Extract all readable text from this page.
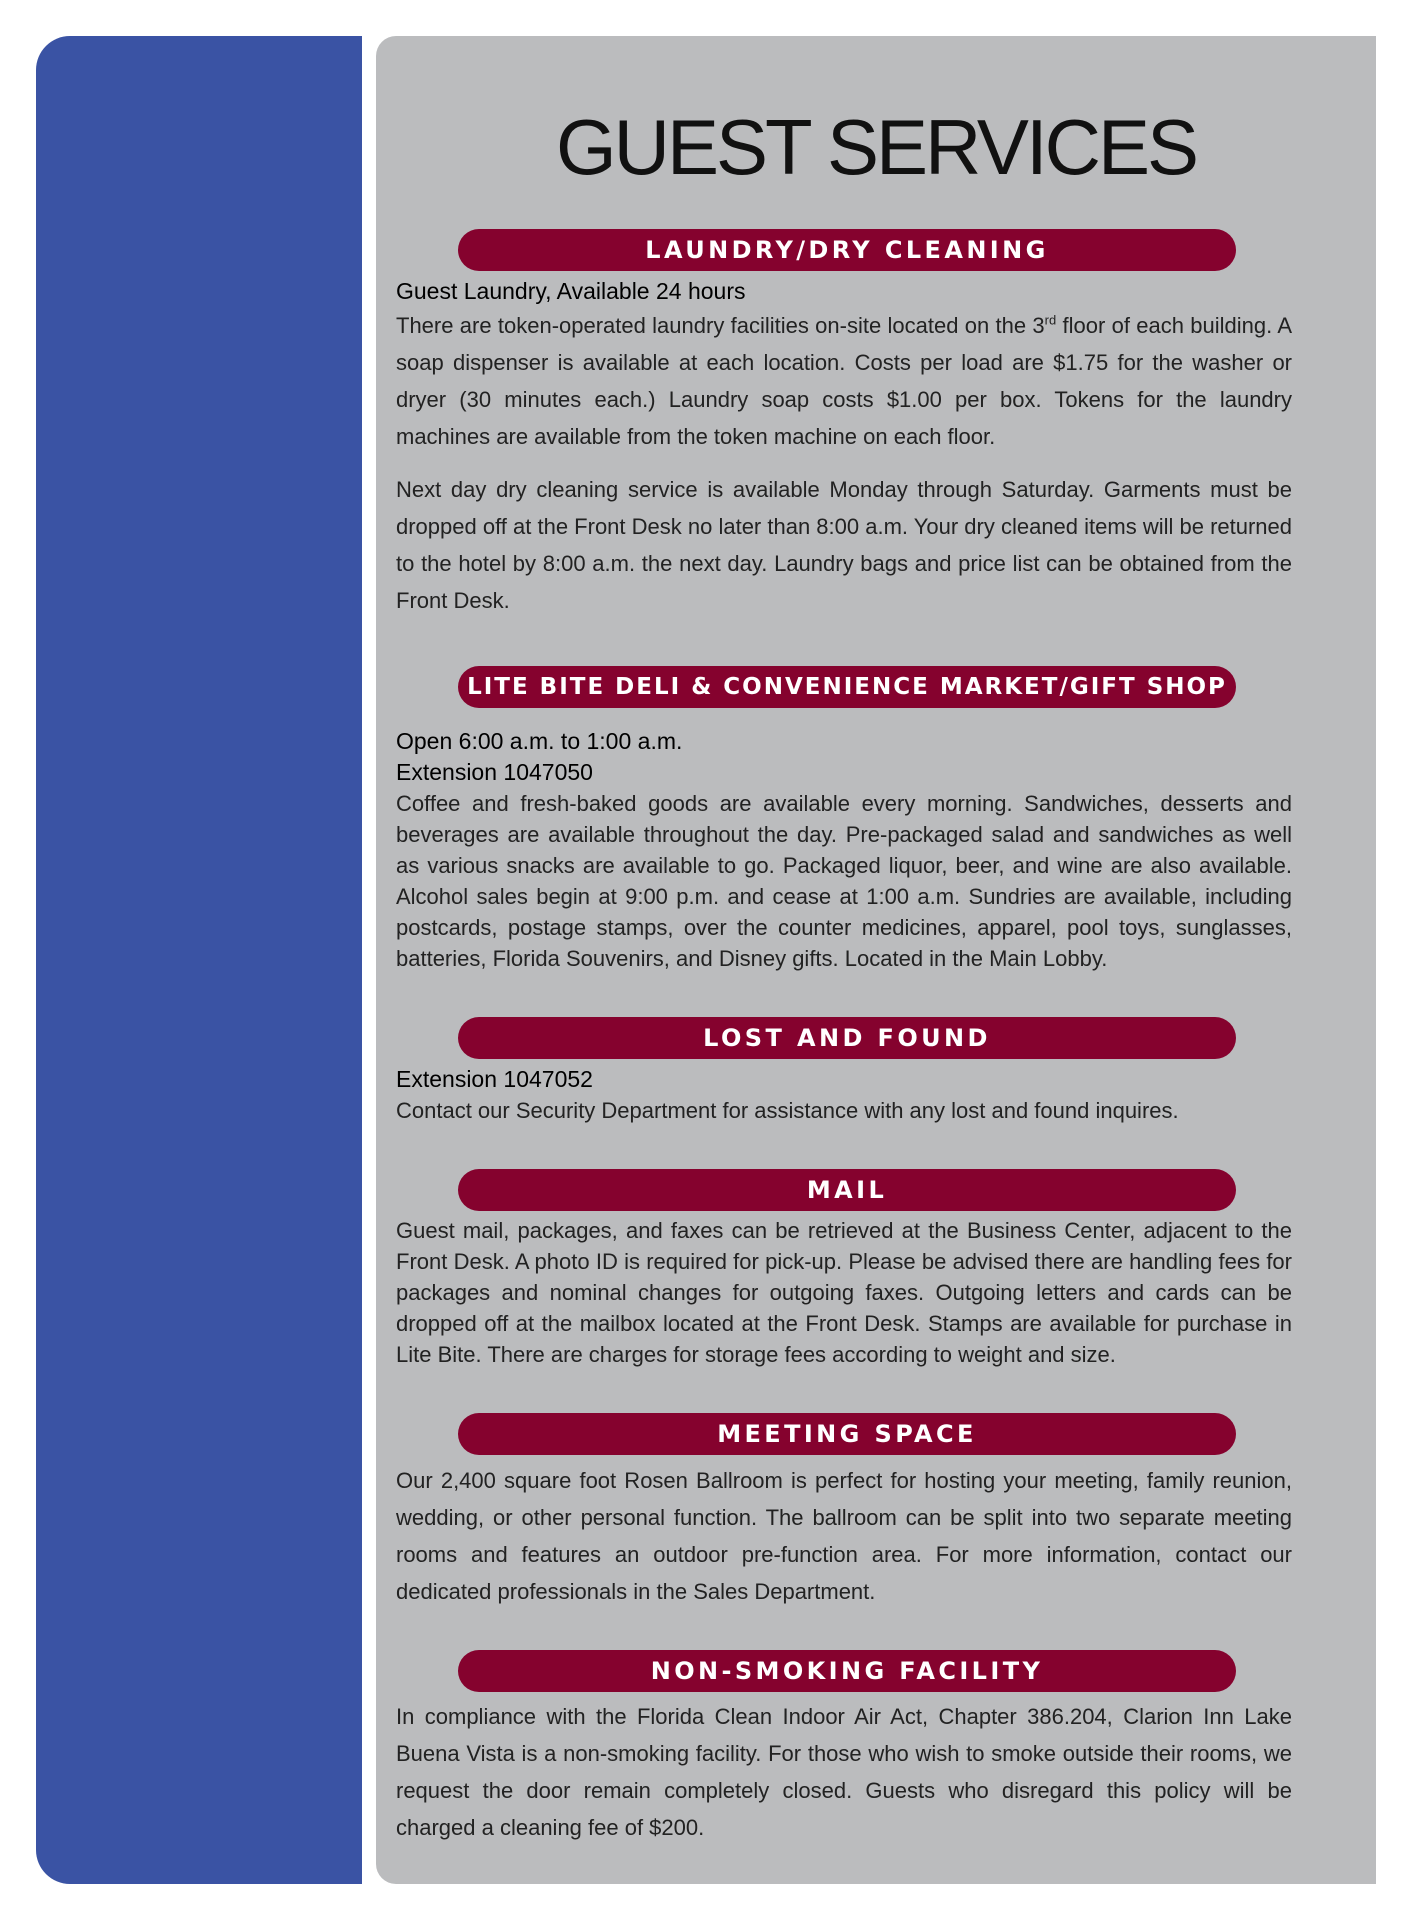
GUEST SERVICES
LAUNDRY/DRY CLEANING
Guest Laundry, Available 24 hours

There are token-operated laundry facilities on-site located on the 3rd floor of each building. A soap dispenser is available at each location. Costs per load are $1.75 for the washer or dryer (30 minutes each.) Laundry soap costs $1.00 per box. Tokens for the laundry machines are available from the token machine on each floor.

Next day dry cleaning service is available Monday through Saturday. Garments must be dropped off at the Front Desk no later than 8:00 a.m. Your dry cleaned items will be returned to the hotel by 8:00 a.m. the next day. Laundry bags and price list can be obtained from the Front Desk.

LITE BITE DELI & CONVENIENCE MARKET/GIFT SHOP
Open 6:00 a.m. to 1:00 a.m.
Extension 1047050

Coffee and fresh-baked goods are available every morning. Sandwiches, desserts and beverages are available throughout the day. Pre-packaged salad and sandwiches as well as various snacks are available to go. Packaged liquor, beer, and wine are also available. Alcohol sales begin at 9:00 p.m. and cease at 1:00 a.m. Sundries are available, including postcards, postage stamps, over the counter medicines, apparel, pool toys, sunglasses, batteries, Florida Souvenirs, and Disney gifts. Located in the Main Lobby.

LOST AND FOUND
Extension 1047052

Contact our Security Department for assistance with any lost and found inquires.

MAIL

Guest mail, packages, and faxes can be retrieved at the Business Center, adjacent to the Front Desk. A photo ID is required for pick-up. Please be advised there are handling fees for packages and nominal changes for outgoing faxes. Outgoing letters and cards can be dropped off at the mailbox located at the Front Desk. Stamps are available for purchase in Lite Bite. There are charges for storage fees according to weight and size.

MEETING SPACE

Our 2,400 square foot Rosen Ballroom is perfect for hosting your meeting, family reunion, wedding, or other personal function. The ballroom can be split into two separate meeting rooms and features an outdoor pre-function area. For more information, contact our dedicated professionals in the Sales Department.

NON-SMOKING FACILITY

In compliance with the Florida Clean Indoor Air Act, Chapter 386.204, Clarion Inn Lake Buena Vista is a non-smoking facility. For those who wish to smoke outside their rooms, we request the door remain completely closed. Guests who disregard this policy will be charged a cleaning fee of $200.
